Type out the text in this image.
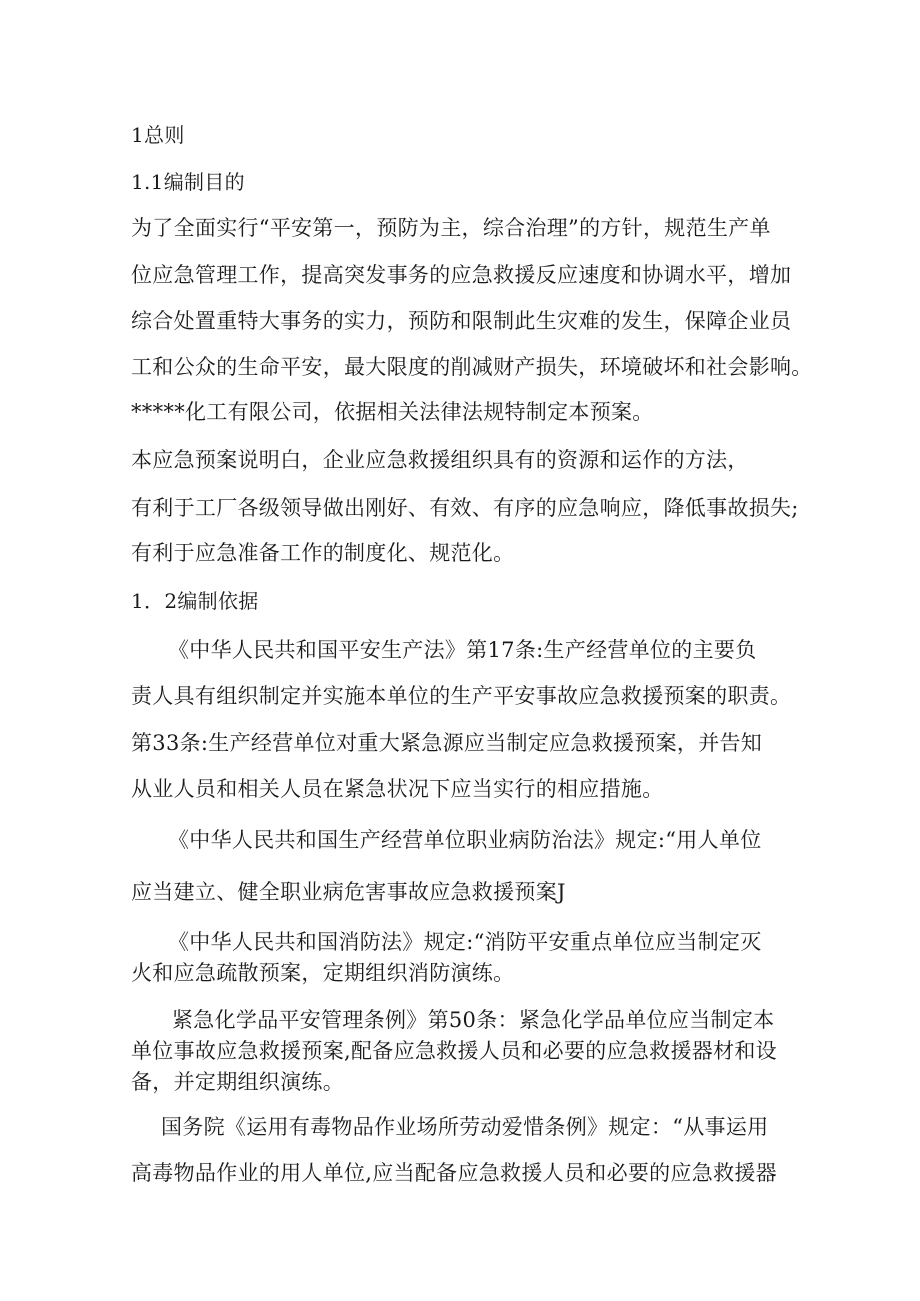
1总则
1.1编制目的
为了全面实行“平安第一，预防为主，综合治理”的方针，规范生产单
位应急管理工作，提高突发事务的应急救援反应速度和协调水平，增加
综合处置重特大事务的实力，预防和限制此生灾难的发生，保障企业员
工和公众的生命平安，最大限度的削减财产损失，环境破坏和社会影响。
*****化工有限公司，依据相关法律法规特制定本预案。
本应急预案说明白，企业应急救援组织具有的资源和运作的方法，
有利于工厂各级领导做出刚好、有效、有序的应急响应，降低事故损失;
有利于应急准备工作的制度化、规范化。
1．2编制依据
《中华人民共和国平安生产法》第17条:生产经营单位的主要负
责人具有组织制定并实施本单位的生产平安事故应急救援预案的职责。
第33条:生产经营单位对重大紧急源应当制定应急救援预案，并告知
从业人员和相关人员在紧急状况下应当实行的相应措施。
《中华人民共和国生产经营单位职业病防治法》规定:“用人单位
应当建立、健全职业病危害事故应急救援预案J
《中华人民共和国消防法》规定:“消防平安重点单位应当制定灭
火和应急疏散预案，定期组织消防演练。
紧急化学品平安管理条例》第50条：紧急化学品单位应当制定本
单位事故应急救援预案,配备应急救援人员和必要的应急救援器材和设
备，并定期组织演练。
国务院《运用有毒物品作业场所劳动爱惜条例》规定：“从事运用
高毒物品作业的用人单位,应当配备应急救援人员和必要的应急救援器
